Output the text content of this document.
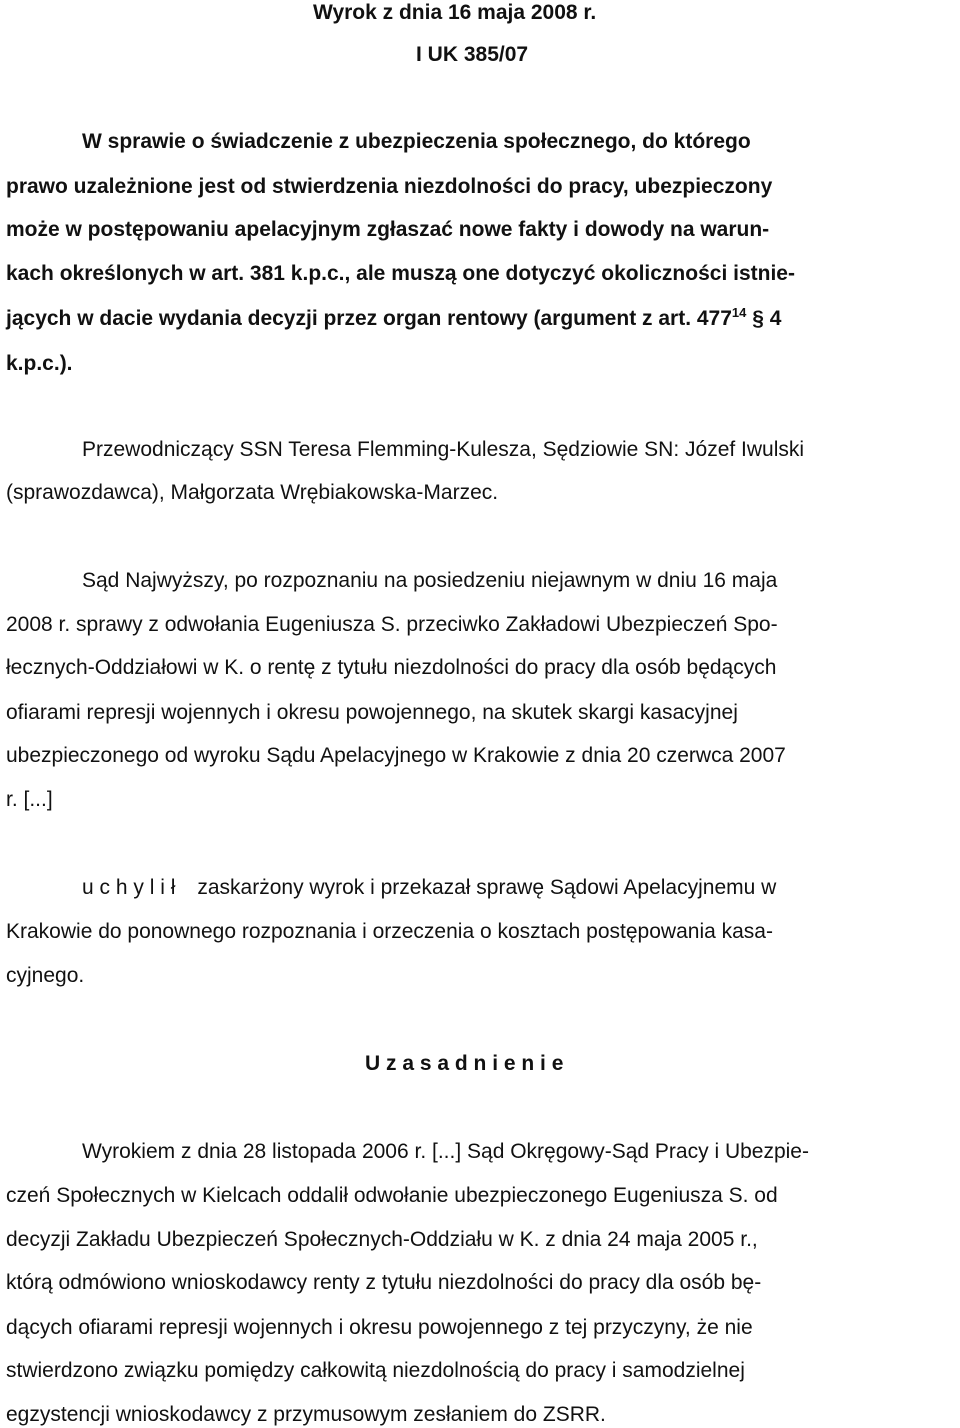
Wyrok z dnia 16 maja 2008 r.
I UK 385/07
W sprawie o świadczenie z ubezpieczenia społecznego, do którego
prawo uzależnione jest od stwierdzenia niezdolności do pracy, ubezpieczony
może w postępowaniu apelacyjnym zgłaszać nowe fakty i dowody na warun-
kach określonych w art. 381 k.p.c., ale muszą one dotyczyć okoliczności istnie-
jących w dacie wydania decyzji przez organ rentowy (argument z art. $477^{14}$ § 4
k.p.c.).
Przewodniczący SSN Teresa Flemming-Kulesza, Sędziowie SN: Józef Iwulski
(sprawozdawca), Małgorzata Wrębiakowska-Marzec.
Sąd Najwyższy, po rozpoznaniu na posiedzeniu niejawnym w dniu 16 maja
2008 r. sprawy z odwołania Eugeniusza S. przeciwko Zakładowi Ubezpieczeń Spo-
łecznych-Oddziałowi w K. o rentę z tytułu niezdolności do pracy dla osób będących
ofiarami represji wojennych i okresu powojennego, na skutek skargi kasacyjnej
ubezpieczonego od wyroku Sądu Apelacyjnego w Krakowie z dnia 20 czerwca 2007
r. [...]
u c h y l i ł zaskarżony wyrok i przekazał sprawę Sądowi Apelacyjnemu w
Krakowie do ponownego rozpoznania i orzeczenia o kosztach postępowania kasa-
cyjnego.
U z a s a d n i e n i e
Wyrokiem z dnia 28 listopada 2006 r. [...] Sąd Okręgowy-Sąd Pracy i Ubezpie-
czeń Społecznych w Kielcach oddalił odwołanie ubezpieczonego Eugeniusza S. od
decyzji Zakładu Ubezpieczeń Społecznych-Oddziału w K. z dnia 24 maja 2005 r.,
którą odmówiono wnioskodawcy renty z tytułu niezdolności do pracy dla osób bę-
dących ofiarami represji wojennych i okresu powojennego z tej przyczyny, że nie
stwierdzono związku pomiędzy całkowitą niezdolnością do pracy i samodzielnej
egzystencji wnioskodawcy z przymusowym zesłaniem do ZSRR.
